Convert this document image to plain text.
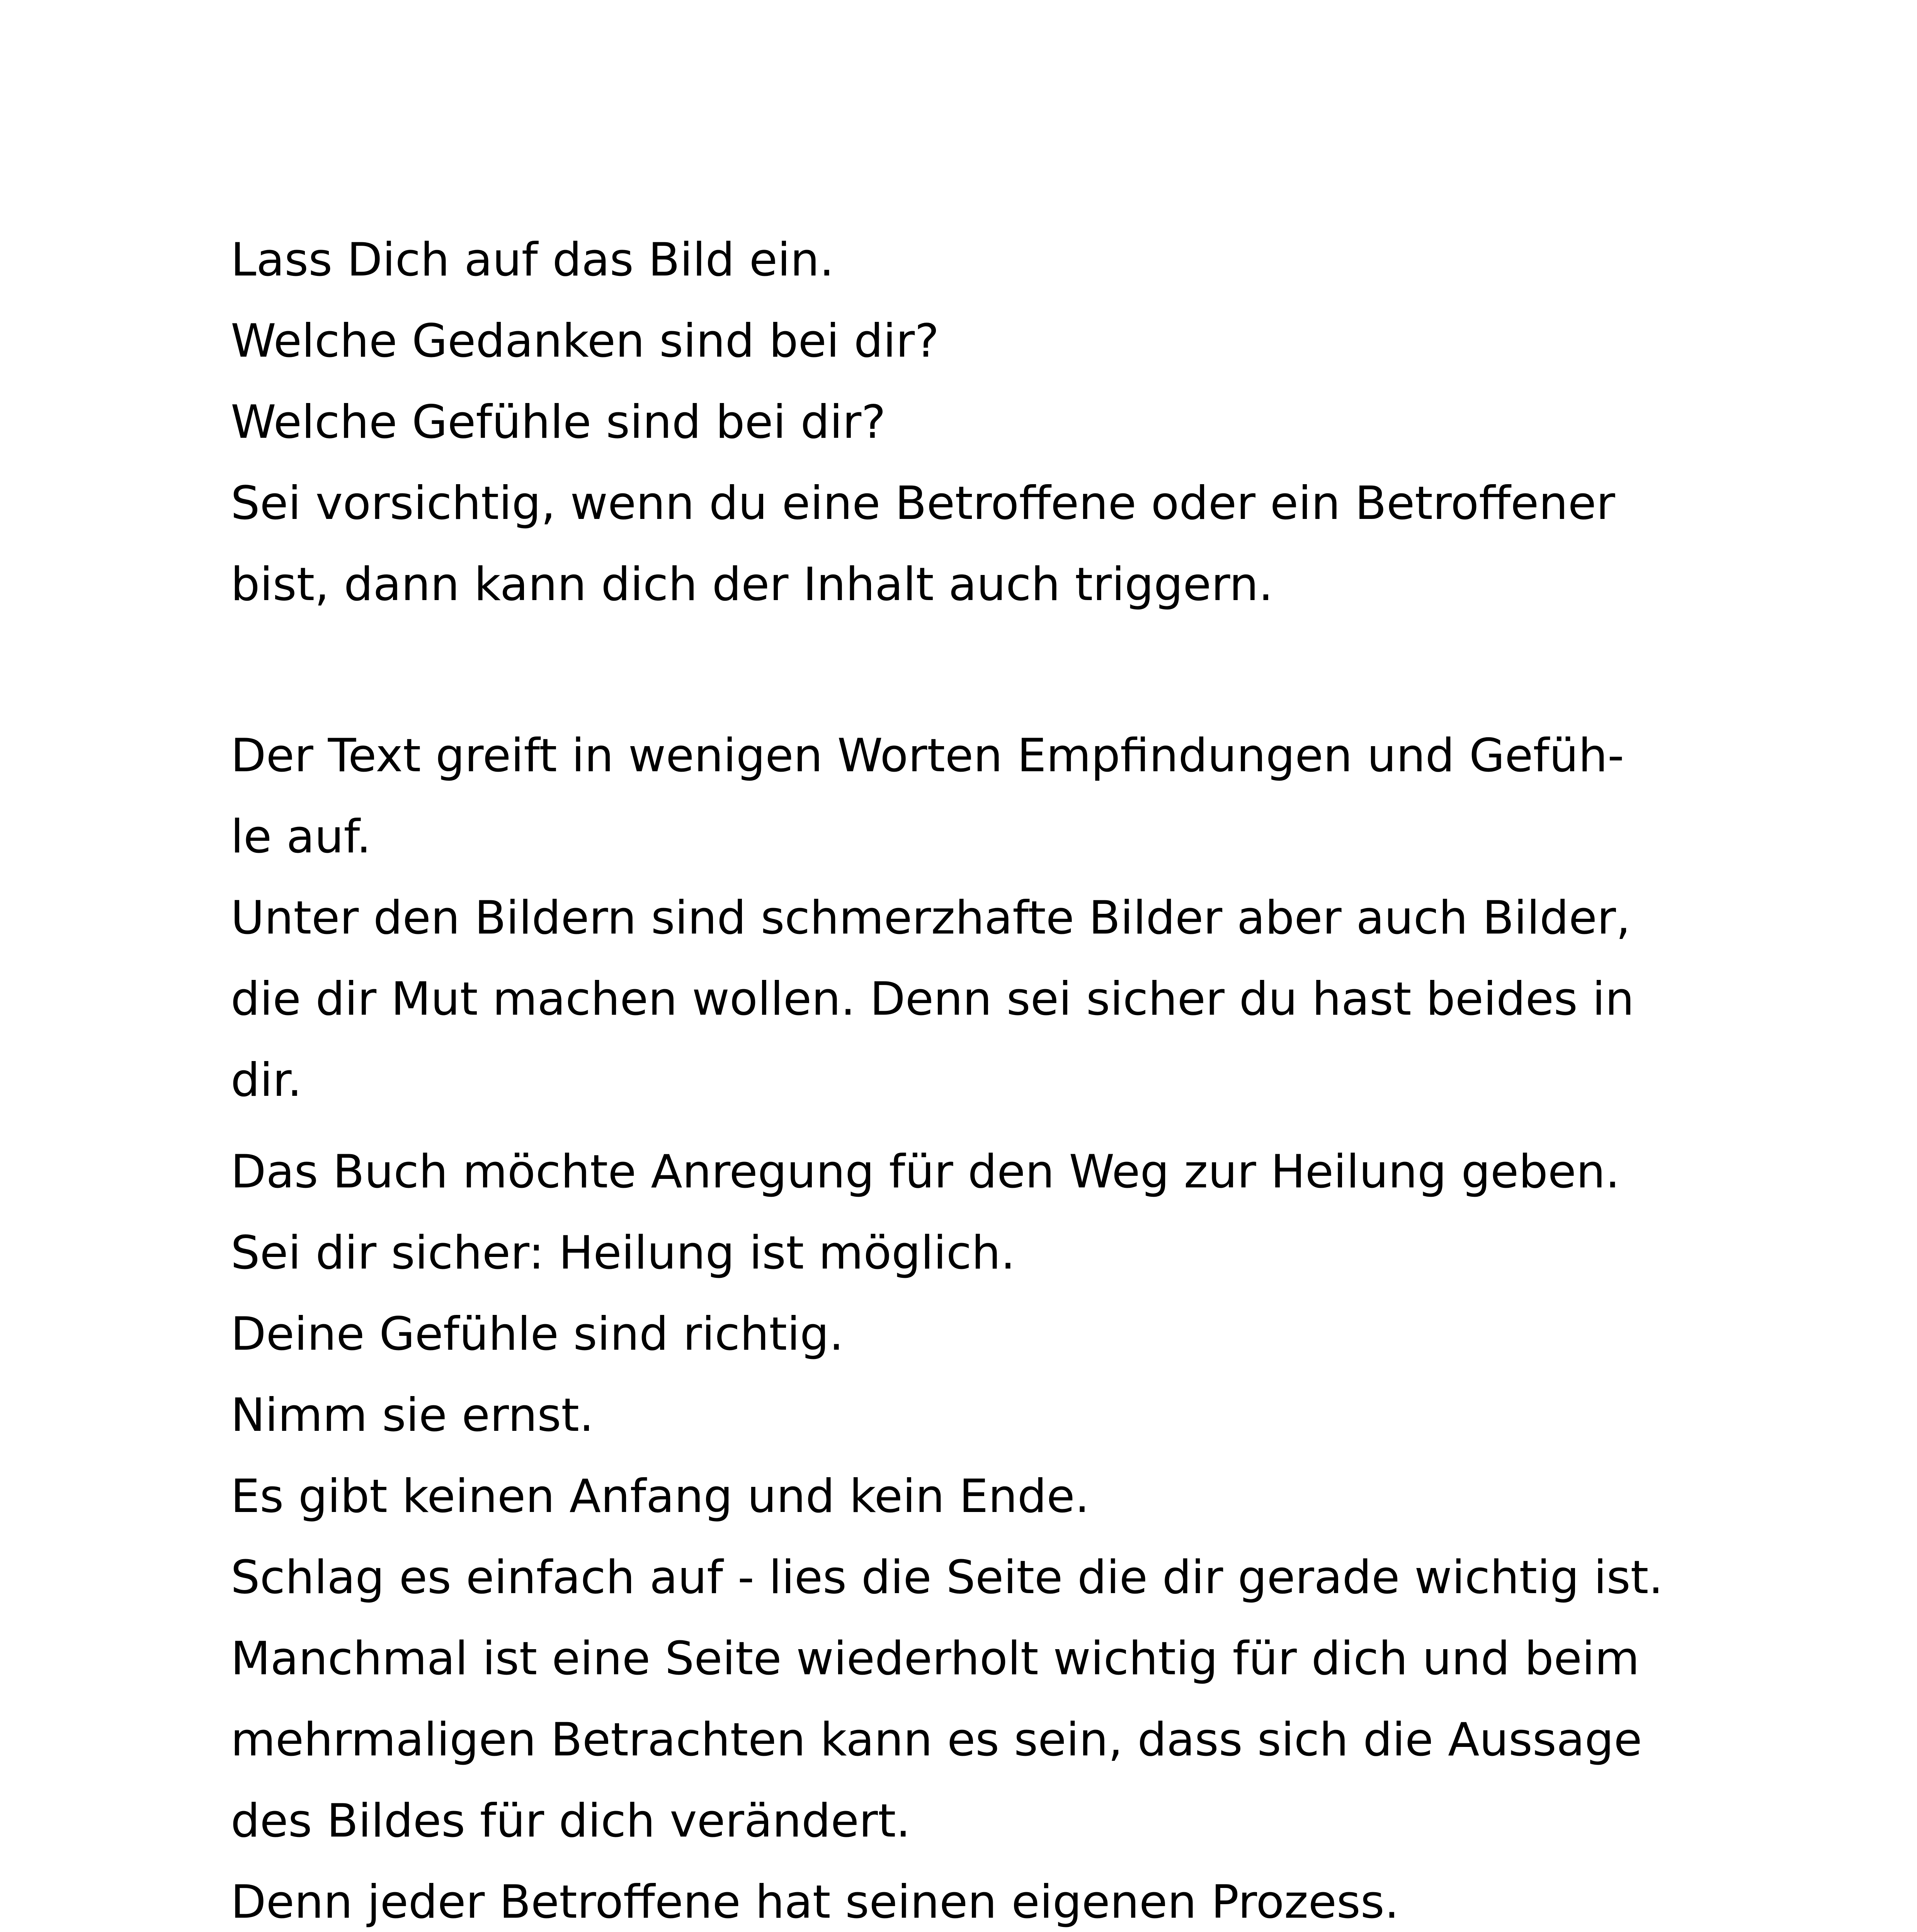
Lass Dich auf das Bild ein.

Welche Gedanken sind bei dir?

Welche Gefühle sind bei dir?

Sei vorsichtig, wenn du eine Betroffene oder ein Betroffener

bist, dann kann dich der Inhalt auch triggern.

Der Text greift in wenigen Worten Empfindungen und Gefüh-

le auf.

Unter den Bildern sind schmerzhafte Bilder aber auch Bilder,

die dir Mut machen wollen. Denn sei sicher du hast beides in

dir.

Das Buch möchte Anregung für den Weg zur Heilung geben.

Sei dir sicher: Heilung ist möglich.

Deine Gefühle sind richtig.

Nimm sie ernst.

Es gibt keinen Anfang und kein Ende.

Schlag es einfach auf - lies die Seite die dir gerade wichtig ist.

Manchmal ist eine Seite wiederholt wichtig für dich und beim

mehrmaligen Betrachten kann es sein, dass sich die Aussage

des Bildes für dich verändert.

Denn jeder Betroffene hat seinen eigenen Prozess.
